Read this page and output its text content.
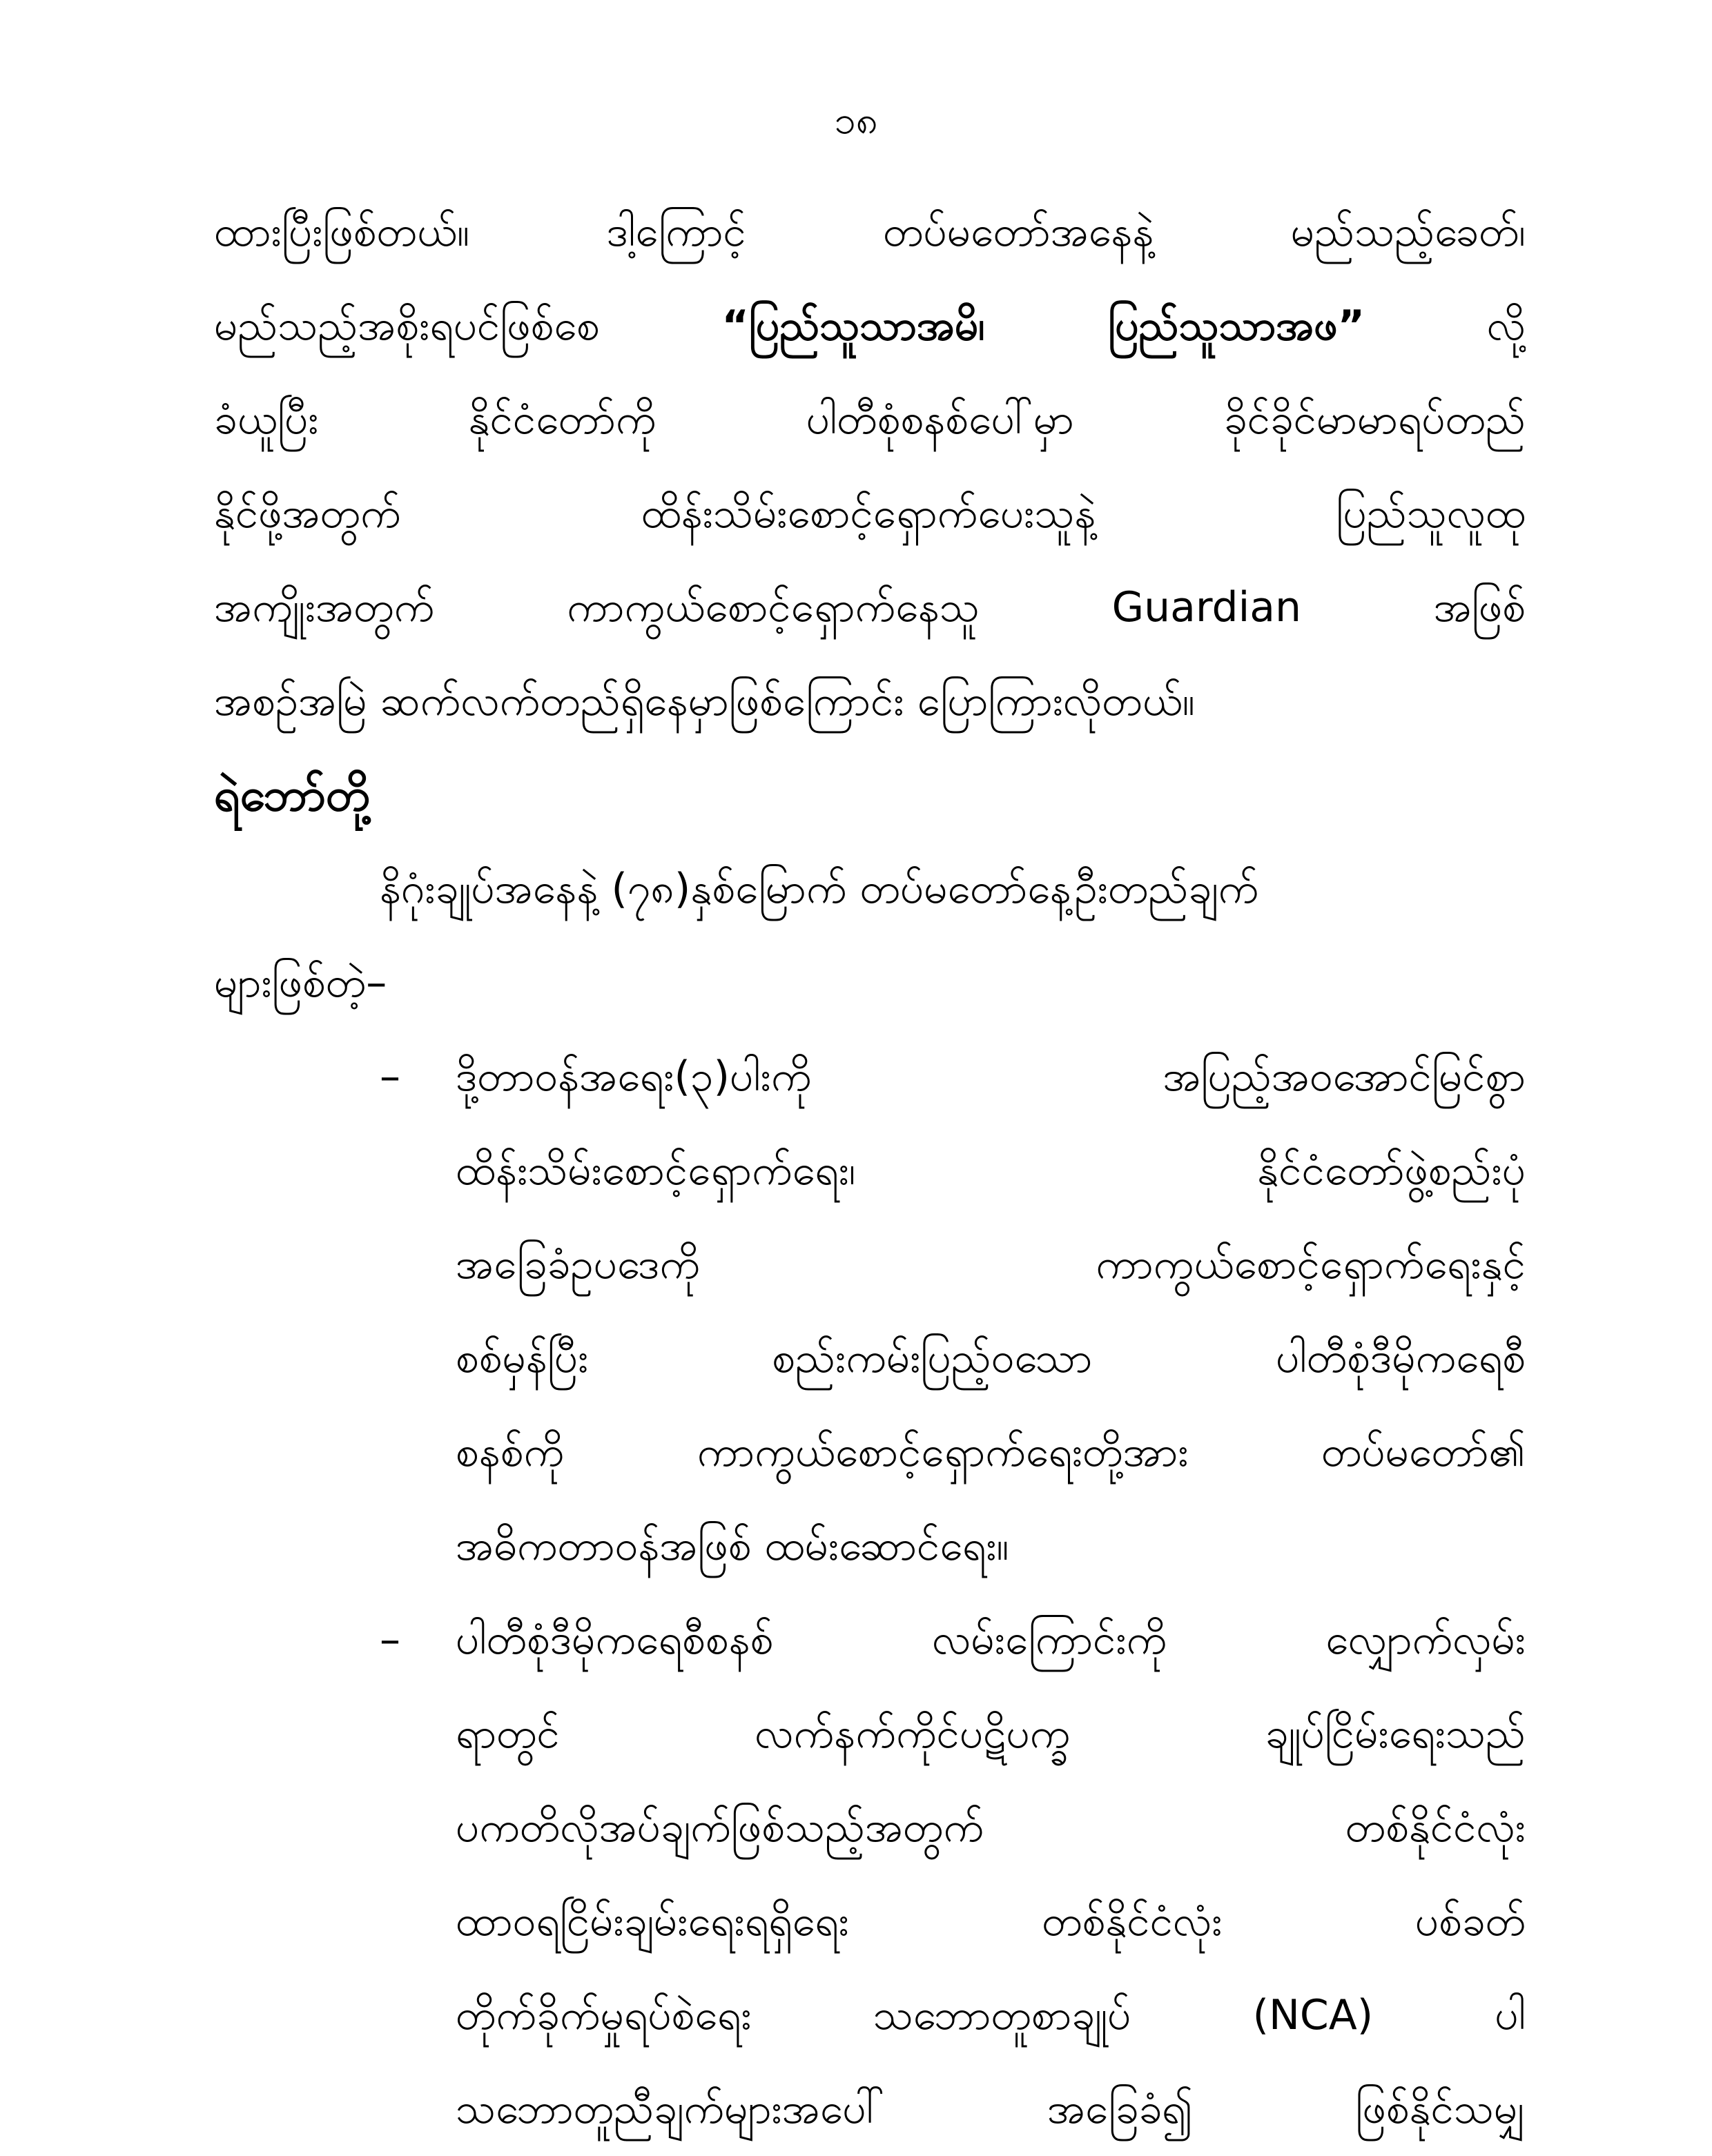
၁၈
ထားပြီးဖြစ်တယ်။ ဒါ့ကြောင့် တပ်မတော်အနေနဲ့ မည်သည့်ခေတ်၊
မည်သည့်အစိုးရပင်ဖြစ်စေ	“ပြည်သူသာအမိ၊ ပြည်သူသာအဖ”	လို့
ခံယူပြီး နိုင်ငံတော်ကို ပါတီစုံစနစ်ပေါ်မှာ ခိုင်ခိုင်မာမာရပ်တည်
နိုင်ဖို့အတွက် ထိန်းသိမ်းစောင့်ရှောက်ပေးသူနဲ့ ပြည်သူလူထု
အကျိုးအတွက် ကာကွယ်စောင့်ရှောက်နေသူ Guardian အဖြစ်
အစဉ်အမြဲ ဆက်လက်တည်ရှိနေမှာဖြစ်ကြောင်း ပြောကြားလိုတယ်။
ရဲဘော်တို့
နိဂုံးချုပ်အနေနဲ့ (၇၈)နှစ်မြောက် တပ်မတော်နေ့ဦးတည်ချက်
များဖြစ်တဲ့–
– ဒို့တာဝန်အရေး(၃)ပါးကို အပြည့်အဝအောင်မြင်စွာ
ထိန်းသိမ်းစောင့်ရှောက်ရေး၊ နိုင်ငံတော်ဖွဲ့စည်းပုံ
အခြေခံဥပဒေကို ကာကွယ်စောင့်ရှောက်ရေးနှင့်
စစ်မှန်ပြီး စည်းကမ်းပြည့်ဝသော ပါတီစုံဒီမိုကရေစီ
စနစ်ကို ကာကွယ်စောင့်ရှောက်ရေးတို့အား တပ်မတော်၏
အဓိကတာဝန်အဖြစ် ထမ်းဆောင်ရေး။
– ပါတီစုံဒီမိုကရေစီစနစ် လမ်းကြောင်းကို လျှောက်လှမ်း
ရာတွင် လက်နက်ကိုင်ပဋိပက္ခ ချုပ်ငြိမ်းရေးသည်
ပကတိလိုအပ်ချက်ဖြစ်သည့်အတွက် တစ်နိုင်ငံလုံး
ထာဝရငြိမ်းချမ်းရေးရရှိရေး တစ်နိုင်ငံလုံး ပစ်ခတ်
တိုက်ခိုက်မှုရပ်စဲရေး သဘောတူစာချုပ် (NCA) ပါ
သဘောတူညီချက်များအပေါ် အခြေခံ၍ ဖြစ်နိုင်သမျှ
